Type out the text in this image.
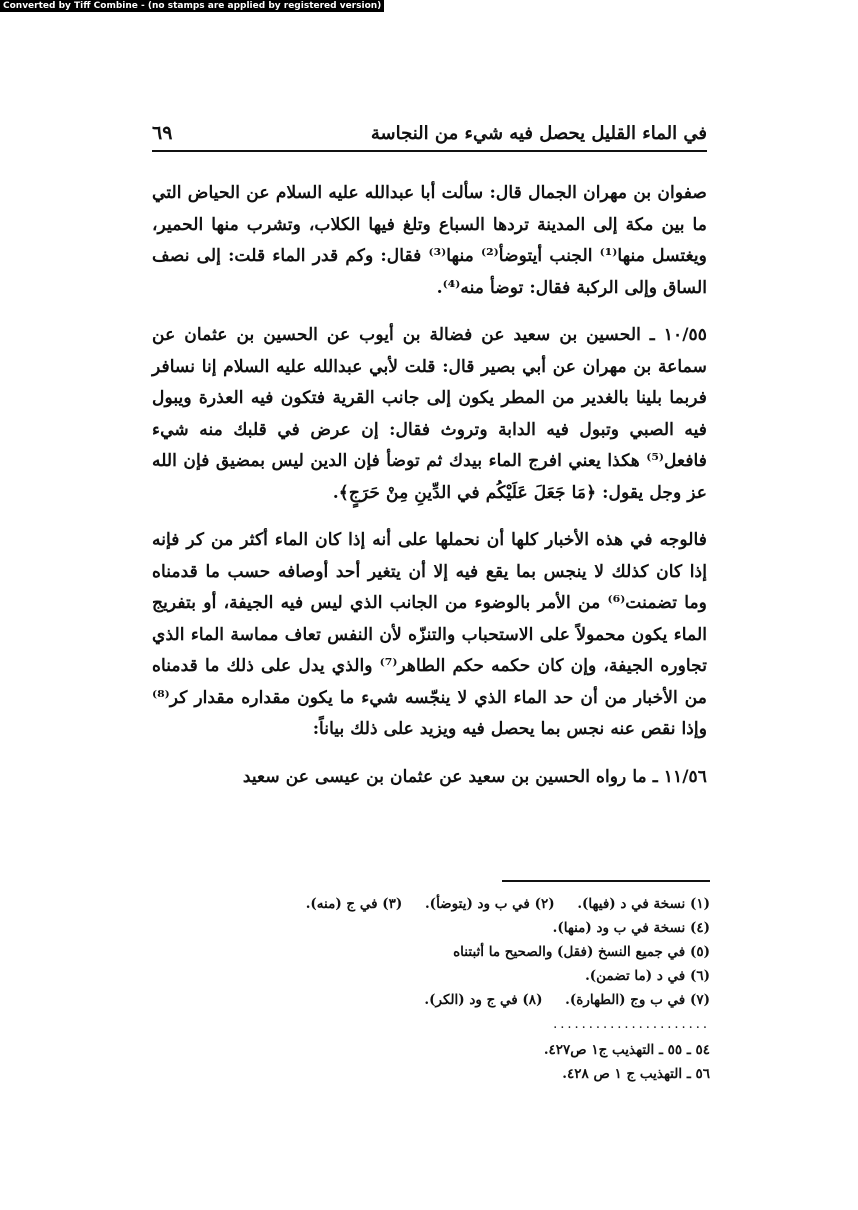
Converted by Tiff Combine - (no stamps are applied by registered version)
في الماء القليل يحصل فيه شيء من النجاسة
٦٩

صفوان بن مهران الجمال قال: سألت أبا عبدالله عليه السلام عن الحياض التي ما بين مكة إلى المدينة تردها السباع وتلغ فيها الكلاب، وتشرب منها الحمير، ويغتسل منها⁽¹⁾ الجنب أيتوضأ⁽²⁾ منها⁽³⁾ فقال: وكم قدر الماء قلت: إلى نصف الساق وإلى الركبة فقال: توضأ منه⁽⁴⁾.

١٠/٥٥ ـ الحسين بن سعيد عن فضالة بن أيوب عن الحسين بن عثمان عن سماعة بن مهران عن أبي بصير قال: قلت لأبي عبدالله عليه السلام إنا نسافر فربما بلينا بالغدير من المطر يكون إلى جانب القرية فتكون فيه العذرة ويبول فيه الصبي وتبول فيه الدابة وتروث فقال: إن عرض في قلبك منه شيء فافعل⁽⁵⁾ هكذا يعني افرج الماء بيدك ثم توضأ فإن الدين ليس بمضيق فإن الله عز وجل يقول: ﴿مَا جَعَلَ عَلَيْكُم في الدِّينِ مِنْ حَرَجٍ﴾.

فالوجه في هذه الأخبار كلها أن نحملها على أنه إذا كان الماء أكثر من كر فإنه إذا كان كذلك لا ينجس بما يقع فيه إلا أن يتغير أحد أوصافه حسب ما قدمناه وما تضمنت⁽⁶⁾ من الأمر بالوضوء من الجانب الذي ليس فيه الجيفة، أو بتفريج الماء يكون محمولاً على الاستحباب والتنزّه لأن النفس تعاف مماسة الماء الذي تجاوره الجيفة، وإن كان حكمه حكم الطاهر⁽⁷⁾ والذي يدل على ذلك ما قدمناه من الأخبار من أن حد الماء الذي لا ينجّسه شيء ما يكون مقداره مقدار كر⁽⁸⁾ وإذا نقص عنه نجس بما يحصل فيه ويزيد على ذلك بياناً:

١١/٥٦ ـ ما رواه الحسين بن سعيد عن عثمان بن عيسى عن سعيد

(١) نسخة في د (فيها). (٢) في ب ود (يتوضأ). (٣) في ج (منه).
(٤) نسخة في ب ود (منها).
(٥) في جميع النسخ (فقل) والصحيح ما أثبتناه
(٦) في د (ما تضمن).
(٧) في ب وج (الطهارة). (٨) في ج ود (الكر).
......................
٥٤ ـ ٥٥ ـ التهذيب ج١ ص٤٢٧.
٥٦ ـ التهذيب ج ١ ص ٤٢٨.
